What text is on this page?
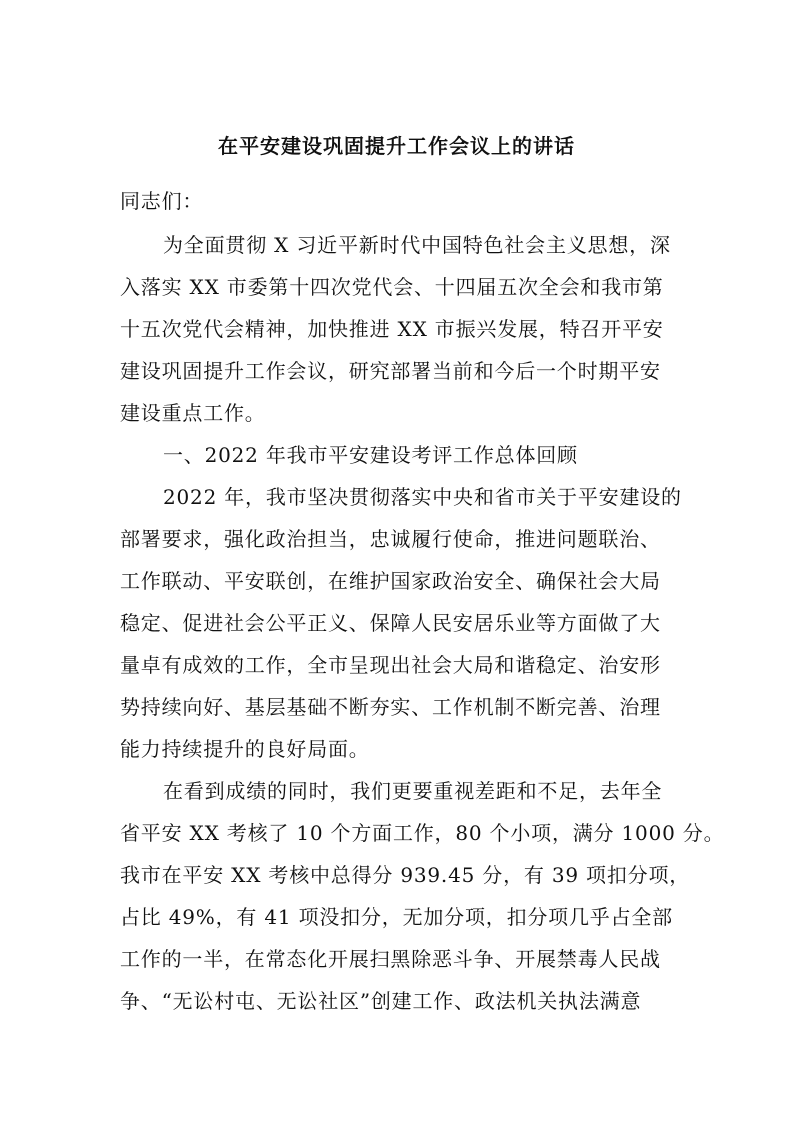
在平安建设巩固提升工作会议上的讲话
同志们：
为全面贯彻 X 习近平新时代中国特色社会主义思想，深
入落实 XX 市委第十四次党代会、十四届五次全会和我市第
十五次党代会精神，加快推进 XX 市振兴发展，特召开平安
建设巩固提升工作会议，研究部署当前和今后一个时期平安
建设重点工作。
一、2022 年我市平安建设考评工作总体回顾
2022 年，我市坚决贯彻落实中央和省市关于平安建设的
部署要求，强化政治担当，忠诚履行使命，推进问题联治、
工作联动、平安联创，在维护国家政治安全、确保社会大局
稳定、促进社会公平正义、保障人民安居乐业等方面做了大
量卓有成效的工作，全市呈现出社会大局和谐稳定、治安形
势持续向好、基层基础不断夯实、工作机制不断完善、治理
能力持续提升的良好局面。
在看到成绩的同时，我们更要重视差距和不足，去年全
省平安 XX 考核了 10 个方面工作，80 个小项，满分 1000 分。
我市在平安 XX 考核中总得分 939.45 分，有 39 项扣分项，
占比 49%，有 41 项没扣分，无加分项，扣分项几乎占全部
工作的一半，在常态化开展扫黑除恶斗争、开展禁毒人民战
争、“无讼村屯、无讼社区”创建工作、政法机关执法满意
